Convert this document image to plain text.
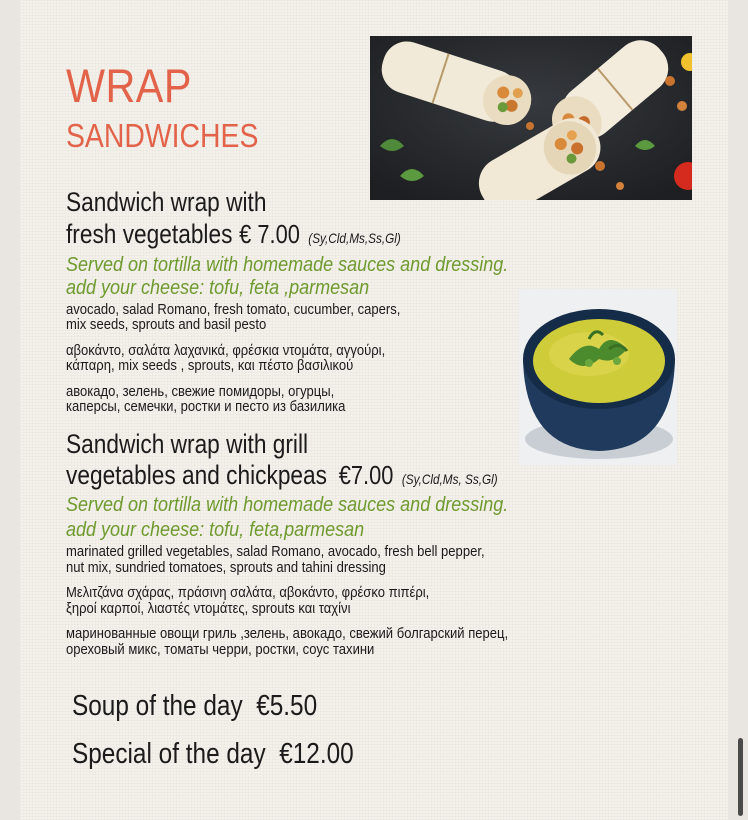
WRAP
SANDWICHES
Sandwich wrap with
fresh vegetables € 7.00 (Sy,Cld,Ms,Ss,Gl)
Served on tortilla with homemade sauces and dressing.
add your cheese: tofu, feta ,parmesan
avocado, salad Romano, fresh tomato, cucumber, capers,
mix seeds, sprouts and basil pesto
αβοκάντο, σαλάτα λαχανικά, φρέσκια ντομάτα, αγγούρι,
κάπαρη, mix seeds , sprouts, και πέστο βασιλικού
авокадо, зелень, свежие помидоры, огурцы,
каперсы, семечки, ростки и песто из базилика
Sandwich wrap with grill
vegetables and chickpeas €7.00 (Sy,Cld,Ms, Ss,Gl)
Served on tortilla with homemade sauces and dressing.
add your cheese: tofu, feta,parmesan
marinated grilled vegetables, salad Romano, avocado, fresh bell pepper,
nut mix, sundried tomatoes, sprouts and tahini dressing
Μελιτζάνα σχάρας, πράσινη σαλάτα, αβοκάντο, φρέσκο πιπέρι,
ξηροί καρποί, λιαστές ντομάτες, sprouts και ταχίνι
маринованные овощи гриль ,зелень, авокадо, свежий болгарский перец,
ореховый микс, томаты черри, ростки, соус тахини
Soup of the day €5.50
Special of the day €12.00
